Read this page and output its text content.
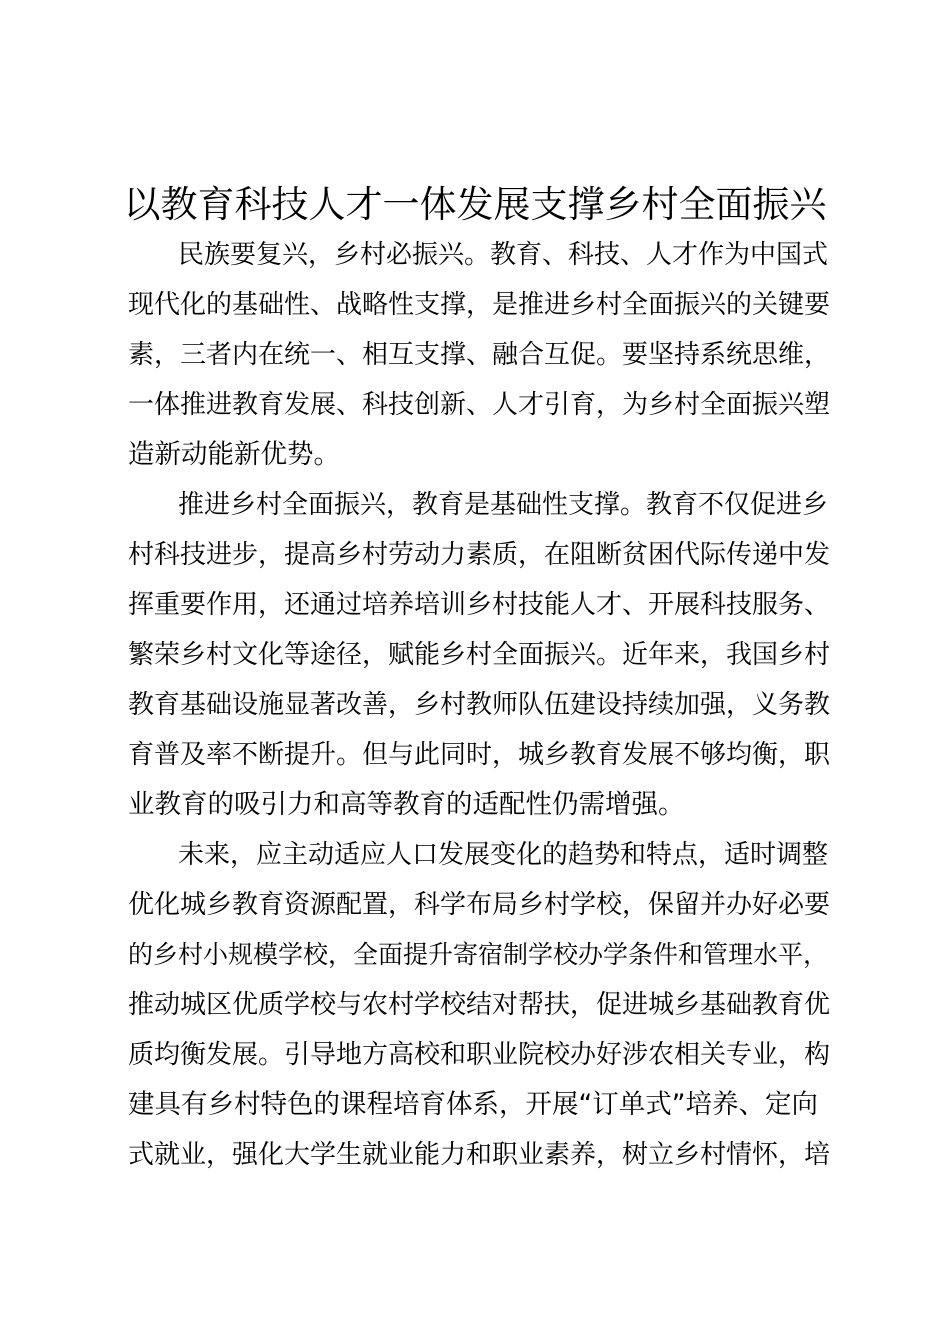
以教育科技人才一体发展支撑乡村全面振兴

民族要复兴，乡村必振兴。教育、科技、人才作为中国式

现代化的基础性、战略性支撑，是推进乡村全面振兴的关键要

素，三者内在统一、相互支撑、融合互促。要坚持系统思维，

一体推进教育发展、科技创新、人才引育，为乡村全面振兴塑

造新动能新优势。

推进乡村全面振兴，教育是基础性支撑。教育不仅促进乡

村科技进步，提高乡村劳动力素质，在阻断贫困代际传递中发

挥重要作用，还通过培养培训乡村技能人才、开展科技服务、

繁荣乡村文化等途径，赋能乡村全面振兴。近年来，我国乡村

教育基础设施显著改善，乡村教师队伍建设持续加强，义务教

育普及率不断提升。但与此同时，城乡教育发展不够均衡，职

业教育的吸引力和高等教育的适配性仍需增强。

未来，应主动适应人口发展变化的趋势和特点，适时调整

优化城乡教育资源配置，科学布局乡村学校，保留并办好必要

的乡村小规模学校，全面提升寄宿制学校办学条件和管理水平，

推动城区优质学校与农村学校结对帮扶，促进城乡基础教育优

质均衡发展。引导地方高校和职业院校办好涉农相关专业，构

建具有乡村特色的课程培育体系，开展“订单式”培养、定向

式就业，强化大学生就业能力和职业素养，树立乡村情怀，培
